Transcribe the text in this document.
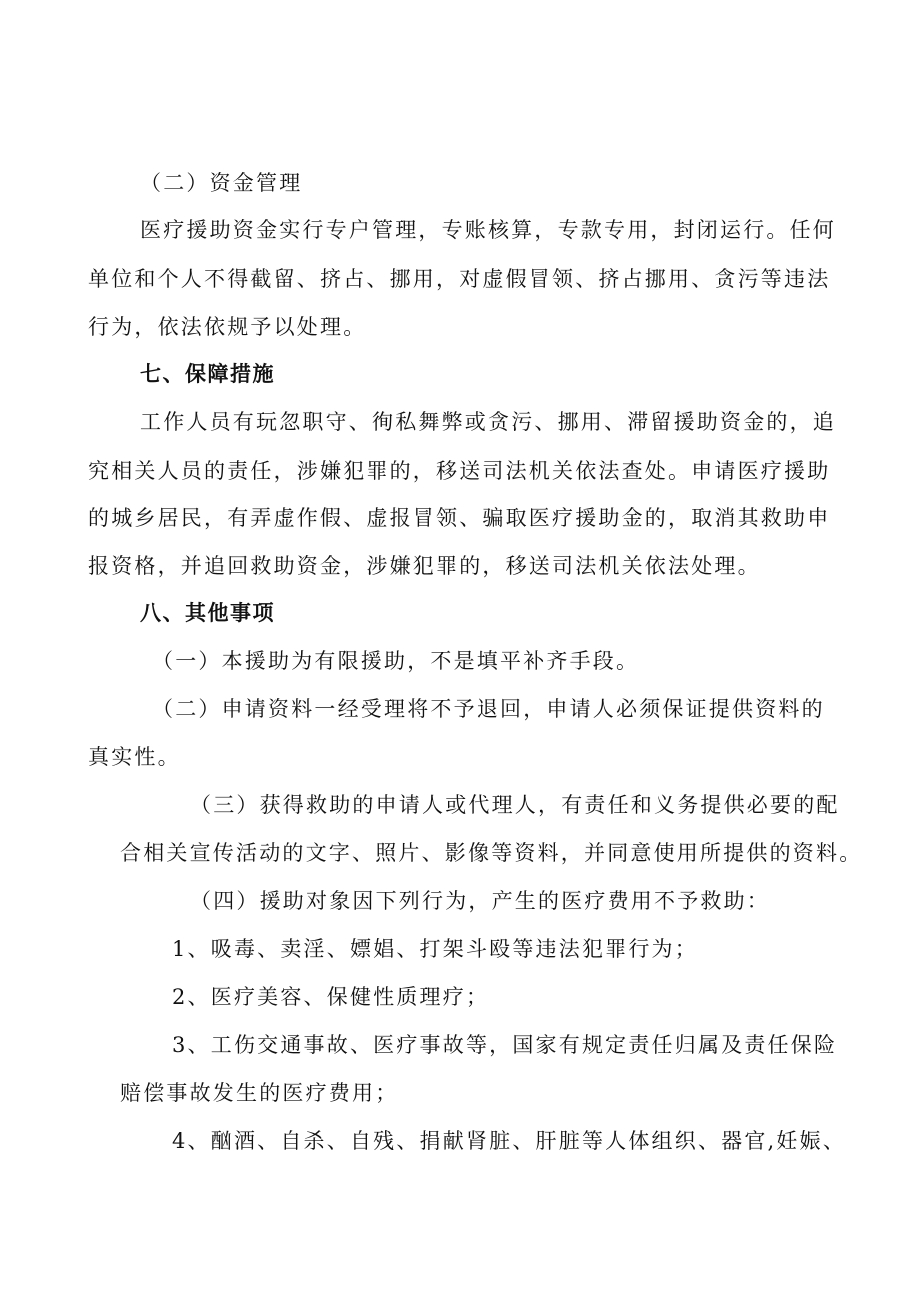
（二）资金管理
医疗援助资金实行专户管理，专账核算，专款专用，封闭运行。任何
单位和个人不得截留、挤占、挪用，对虚假冒领、挤占挪用、贪污等违法
行为，依法依规予以处理。
七、保障措施
工作人员有玩忽职守、徇私舞弊或贪污、挪用、滞留援助资金的，追
究相关人员的责任，涉嫌犯罪的，移送司法机关依法查处。申请医疗援助
的城乡居民，有弄虚作假、虚报冒领、骗取医疗援助金的，取消其救助申
报资格，并追回救助资金，涉嫌犯罪的，移送司法机关依法处理。
八、其他事项
（一）本援助为有限援助，不是填平补齐手段。
（二）申请资料一经受理将不予退回，申请人必须保证提供资料的
真实性。
（三）获得救助的申请人或代理人，有责任和义务提供必要的配
合相关宣传活动的文字、照片、影像等资料，并同意使用所提供的资料。
（四）援助对象因下列行为，产生的医疗费用不予救助：
1、吸毒、卖淫、嫖娼、打架斗殴等违法犯罪行为；
2、医疗美容、保健性质理疗；
3、工伤交通事故、医疗事故等，国家有规定责任归属及责任保险
赔偿事故发生的医疗费用；
4、酗酒、自杀、自残、捐献肾脏、肝脏等人体组织、器官,妊娠、
